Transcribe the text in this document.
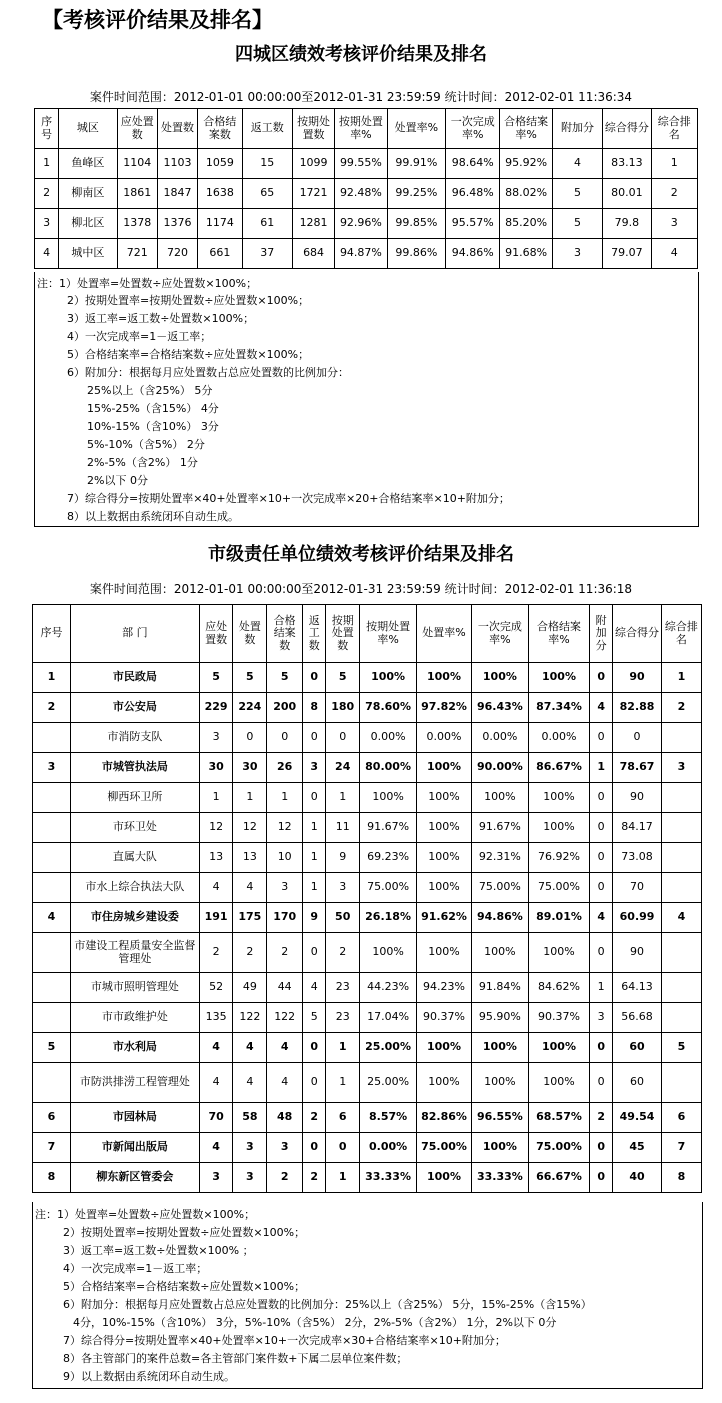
【考核评价结果及排名】
四城区绩效考核评价结果及排名
案件时间范围：2012-01-01 00:00:00至2012-01-31 23:59:59 统计时间：2012-02-01 11:36:34
序号	城区	应处置数	处置数	合格结案数	返工数	按期处置数	按期处置率%	处置率%	一次完成率%	合格结案率%	附加分	综合得分	综合排名
1	鱼峰区	1104	1103	1059	15	1099	99.55%	99.91%	98.64%	95.92%	4	83.13	1
2	柳南区	1861	1847	1638	65	1721	92.48%	99.25%	96.48%	88.02%	5	80.01	2
3	柳北区	1378	1376	1174	61	1281	92.96%	99.85%	95.57%	85.20%	5	79.8	3
4	城中区	721	720	661	37	684	94.87%	99.86%	94.86%	91.68%	3	79.07	4
注：1）处置率=处置数÷应处置数×100%；
2）按期处置率=按期处置数÷应处置数×100%；
3）返工率=返工数÷处置数×100%；
4）一次完成率=1－返工率；
5）合格结案率=合格结案数÷应处置数×100%；
6）附加分：根据每月应处置数占总应处置数的比例加分：
25%以上（含25%） 5分
15%-25%（含15%） 4分
10%-15%（含10%） 3分
5%-10%（含5%） 2分
2%-5%（含2%） 1分
2%以下 0分
7）综合得分=按期处置率×40+处置率×10+一次完成率×20+合格结案率×10+附加分；
8）以上数据由系统闭环自动生成。
市级责任单位绩效考核评价结果及排名
案件时间范围：2012-01-01 00:00:00至2012-01-31 23:59:59 统计时间：2012-02-01 11:36:18
序号	部 门	应处置数	处置数	合格结案数	返工数	按期处置数	按期处置率%	处置率%	一次完成率%	合格结案率%	附加分	综合得分	综合排名
1	市民政局	5	5	5	0	5	100%	100%	100%	100%	0	90	1
2	市公安局	229	224	200	8	180	78.60%	97.82%	96.43%	87.34%	4	82.88	2
	市消防支队	3	0	0	0	0	0.00%	0.00%	0.00%	0.00%	0	0	
3	市城管执法局	30	30	26	3	24	80.00%	100%	90.00%	86.67%	1	78.67	3
	柳西环卫所	1	1	1	0	1	100%	100%	100%	100%	0	90	
	市环卫处	12	12	12	1	11	91.67%	100%	91.67%	100%	0	84.17	
	直属大队	13	13	10	1	9	69.23%	100%	92.31%	76.92%	0	73.08	
	市水上综合执法大队	4	4	3	1	3	75.00%	100%	75.00%	75.00%	0	70	
4	市住房城乡建设委	191	175	170	9	50	26.18%	91.62%	94.86%	89.01%	4	60.99	4
	市建设工程质量安全监督管理处	2	2	2	0	2	100%	100%	100%	100%	0	90	
	市城市照明管理处	52	49	44	4	23	44.23%	94.23%	91.84%	84.62%	1	64.13	
	市市政维护处	135	122	122	5	23	17.04%	90.37%	95.90%	90.37%	3	56.68	
5	市水利局	4	4	4	0	1	25.00%	100%	100%	100%	0	60	5
	市防洪排涝工程管理处	4	4	4	0	1	25.00%	100%	100%	100%	0	60	
6	市园林局	70	58	48	2	6	8.57%	82.86%	96.55%	68.57%	2	49.54	6
7	市新闻出版局	4	3	3	0	0	0.00%	75.00%	100%	75.00%	0	45	7
8	柳东新区管委会	3	3	2	2	1	33.33%	100%	33.33%	66.67%	0	40	8
注：1）处置率=处置数÷应处置数×100%；
2）按期处置率=按期处置数÷应处置数×100%；
3）返工率=返工数÷处置数×100% ；
4）一次完成率=1－返工率；
5）合格结案率=合格结案数÷应处置数×100%；
6）附加分：根据每月应处置数占总应处置数的比例加分：25%以上（含25%） 5分，15%-25%（含15%）
4分，10%-15%（含10%） 3分，5%-10%（含5%） 2分，2%-5%（含2%） 1分，2%以下 0分
7）综合得分=按期处置率×40+处置率×10+一次完成率×30+合格结案率×10+附加分；
8）各主管部门的案件总数=各主管部门案件数+下属二层单位案件数；
9）以上数据由系统闭环自动生成。
